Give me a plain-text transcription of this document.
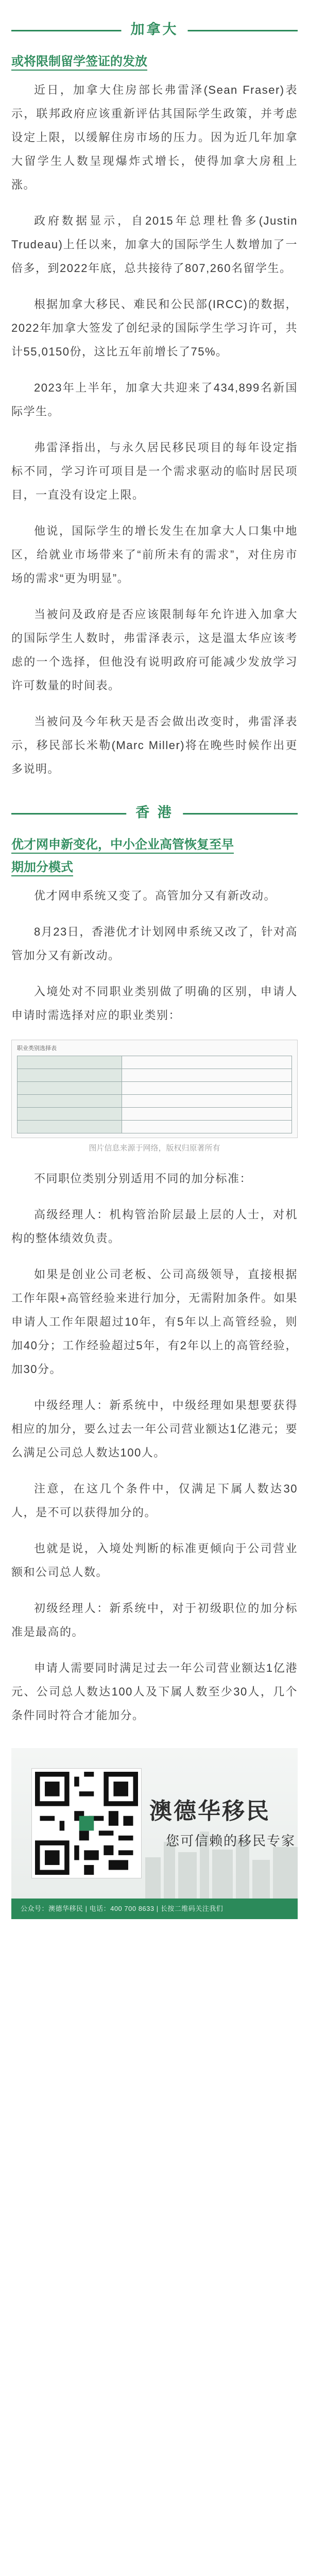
加拿大
或将限制留学签证的发放

近日，加拿大住房部长弗雷泽(Sean Fraser)表示，联邦政府应该重新评估其国际学生政策，并考虑设定上限，以缓解住房市场的压力。因为近几年加拿大留学生人数呈现爆炸式增长，使得加拿大房租上涨。

政府数据显示，自2015年总理杜鲁多(Justin Trudeau)上任以来，加拿大的国际学生人数增加了一倍多，到2022年底，总共接待了807,260名留学生。

根据加拿大移民、难民和公民部(IRCC)的数据，2022年加拿大签发了创纪录的国际学生学习许可，共计55,0150份，这比五年前增长了75%。

2023年上半年，加拿大共迎来了434,899名新国际学生。

弗雷泽指出，与永久居民移民项目的每年设定指标不同，学习许可项目是一个需求驱动的临时居民项目，一直没有设定上限。

他说，国际学生的增长发生在加拿大人口集中地区，给就业市场带来了“前所未有的需求”，对住房市场的需求“更为明显”。

当被问及政府是否应该限制每年允许进入加拿大的国际学生人数时，弗雷泽表示，这是溫太华应该考虑的一个选择，但他没有说明政府可能减少发放学习许可数量的时间表。

当被问及今年秋天是否会做出改变时，弗雷泽表示，移民部长米勒(Marc Miller)将在晚些时候作出更多说明。

香 港
优才网申新变化，中小企业高管恢复至早
期加分模式

优才网申系统又变了。高管加分又有新改动。

8月23日，香港优才计划网申系统又改了，针对高管加分又有新改动。

入境处对不同职业类别做了明确的区别，申请人申请时需选择对应的职业类别：

职业类别选择表

图片信息来源于网络，版权归原著所有

不同职位类别分别适用不同的加分标准：

高级经理人：机构管治阶层最上层的人士，对机构的整体绩效负责。

如果是创业公司老板、公司高级领导，直接根据工作年限+高管经验来进行加分，无需附加条件。如果申请人工作年限超过10年，有5年以上高管经验，则加40分；工作经验超过5年，有2年以上的高管经验，加30分。

中级经理人：新系统中，中级经理如果想要获得相应的加分，要么过去一年公司营业额达1亿港元；要么满足公司总人数达100人。

注意，在这几个条件中，仅满足下属人数达30人，是不可以获得加分的。

也就是说，入境处判断的标准更倾向于公司营业额和公司总人数。

初级经理人：新系统中，对于初级职位的加分标准是最高的。

申请人需要同时满足过去一年公司营业额达1亿港元、公司总人数达100人及下属人数至少30人，几个条件同时符合才能加分。

澳德华移民
您可信赖的移民专家
公众号：澳德华移民 | 电话：400 700 8633 | 长按二维码关注我们
